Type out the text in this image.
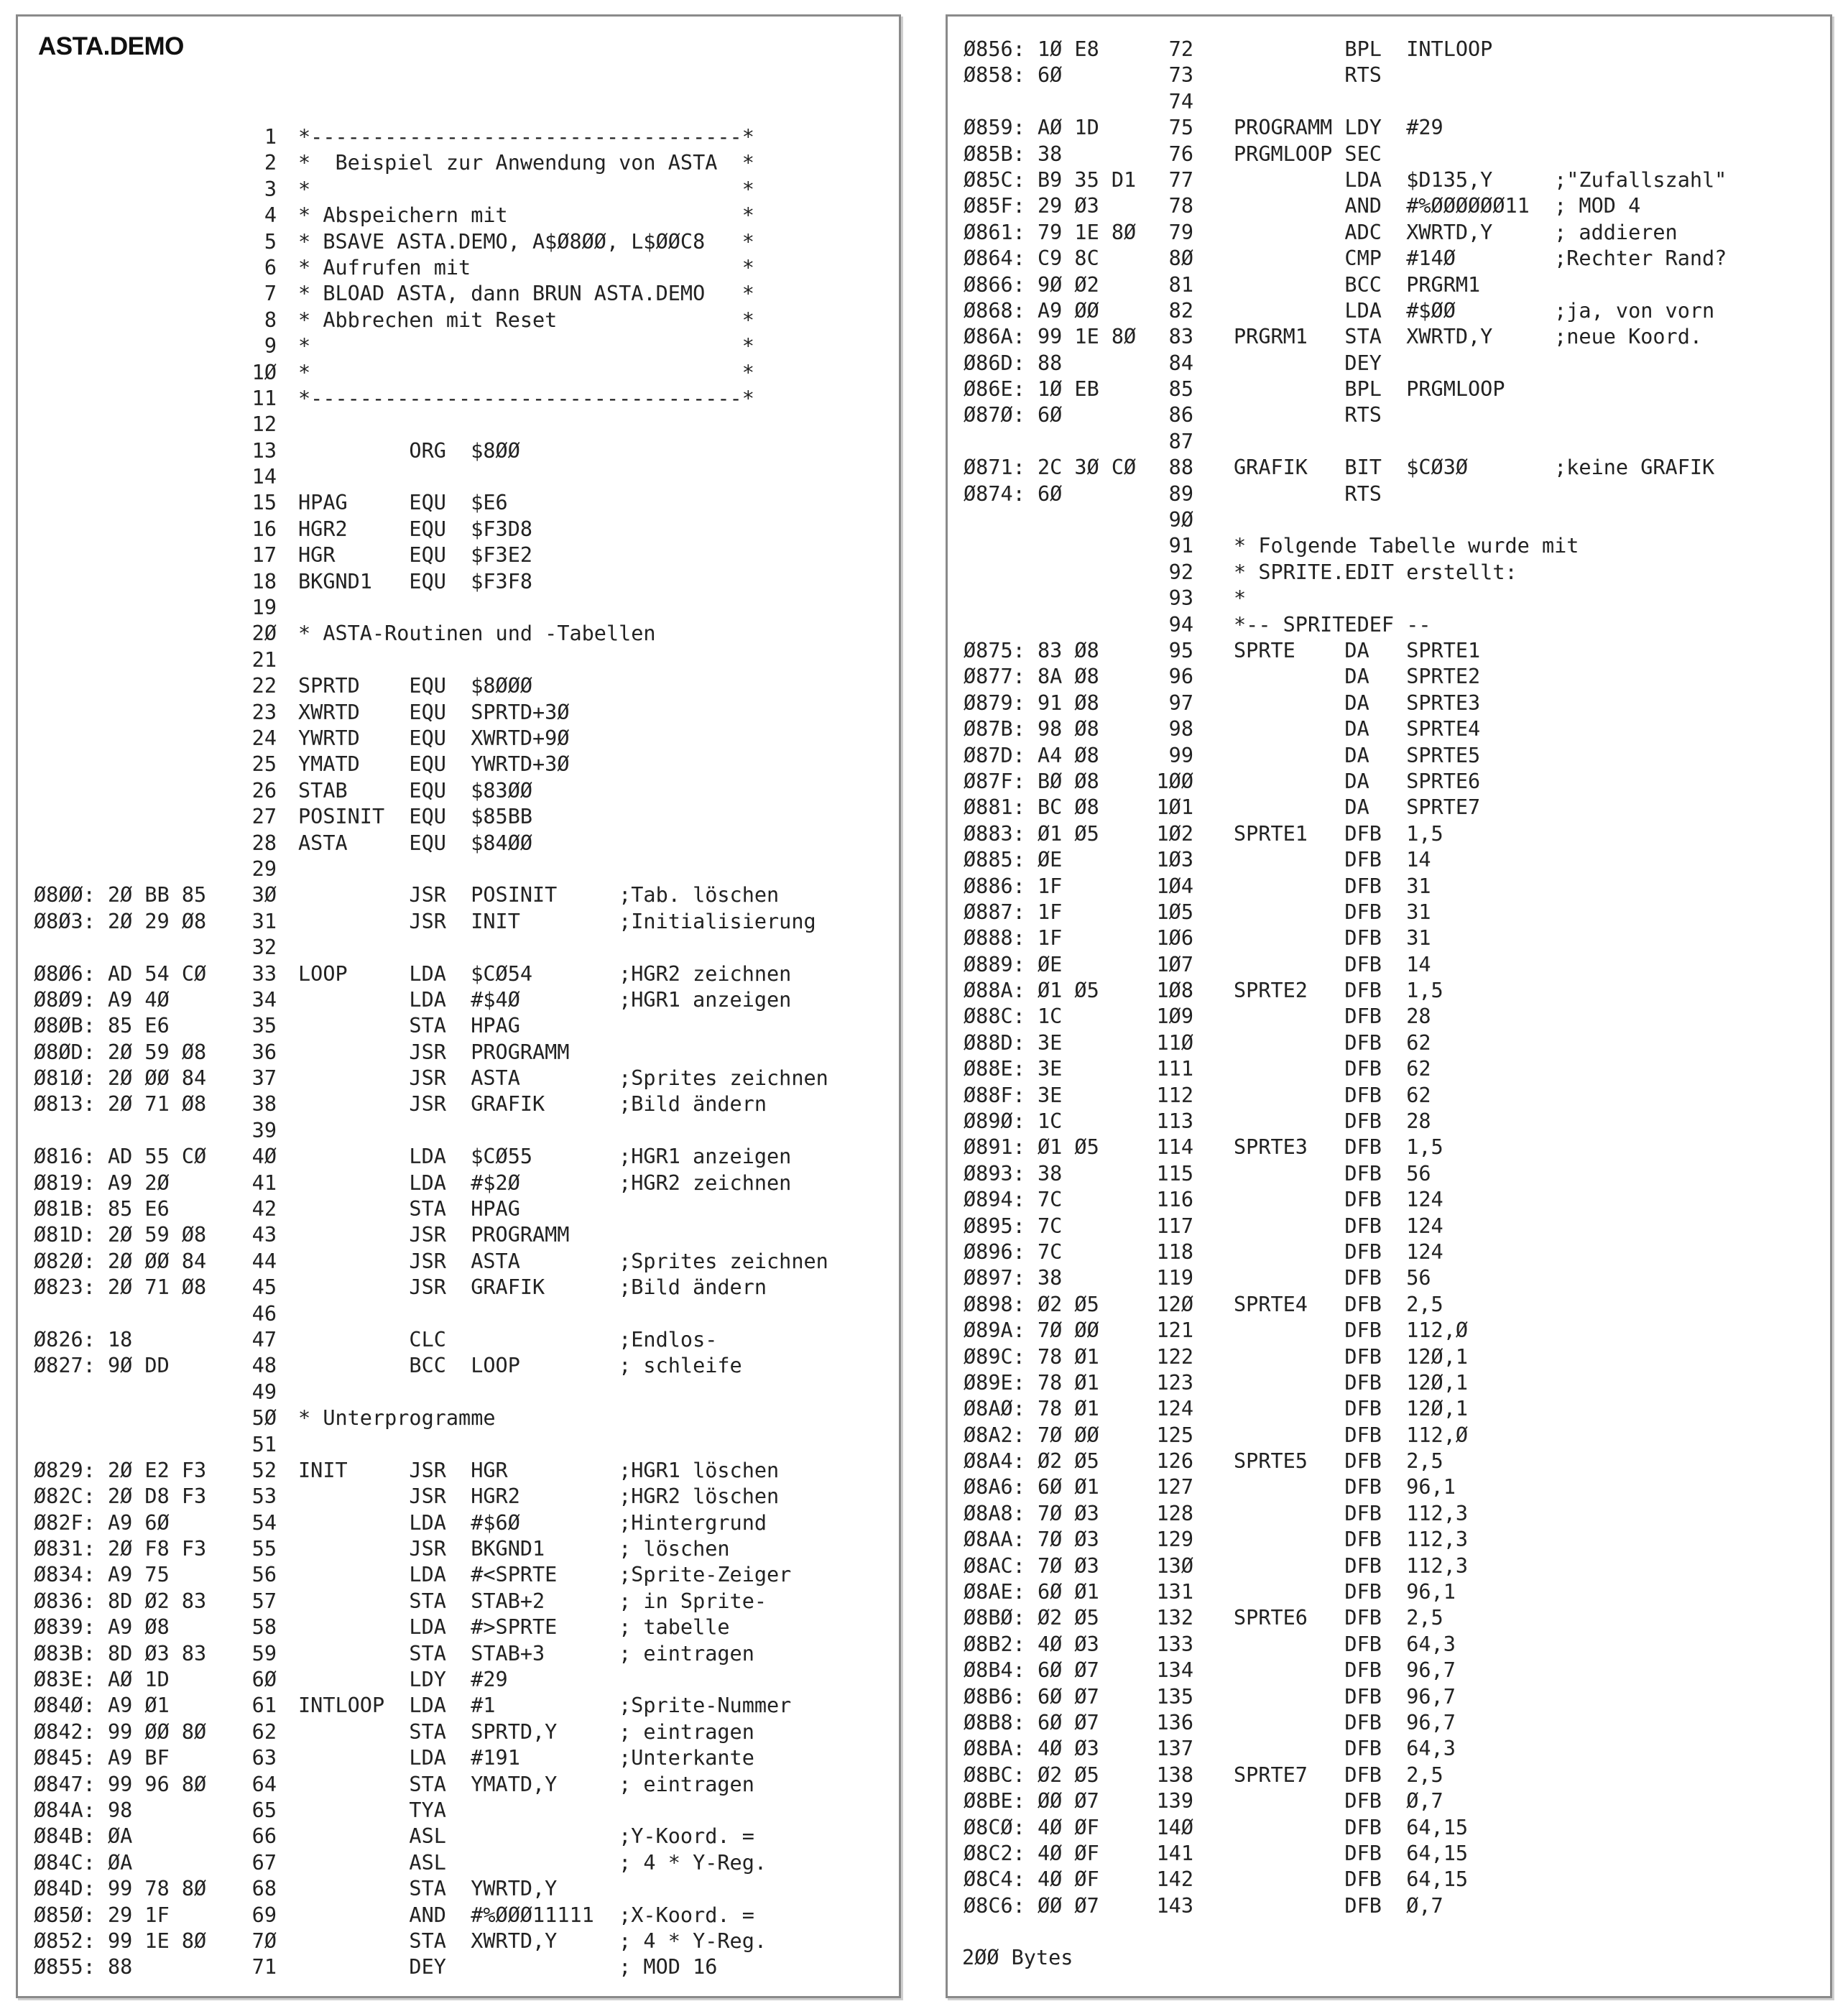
ASTA.DEMO
1 *-----------------------------------*
2 *  Beispiel zur Anwendung von ASTA  *
3 *                                   *
4 * Abspeichern mit                   *
5 * BSAVE ASTA.DEMO, A$Ø8ØØ, L$ØØC8   *
6 * Aufrufen mit                      *
7 * BLOAD ASTA, dann BRUN ASTA.DEMO   *
8 * Abbrechen mit Reset               *
9 *                                   *
1Ø *                                   *
11 *-----------------------------------*
12
13 ORG  $8ØØ
14
15 HPAG     EQU  $E6
16 HGR2     EQU  $F3D8
17 HGR      EQU  $F3E2
18 BKGND1   EQU  $F3F8
19
2Ø * ASTA-Routinen und -Tabellen
21
22 SPRTD    EQU  $8ØØØ
23 XWRTD    EQU  SPRTD+3Ø
24 YWRTD    EQU  XWRTD+9Ø
25 YMATD    EQU  YWRTD+3Ø
26 STAB     EQU  $83ØØ
27 POSINIT  EQU  $85BB
28 ASTA     EQU  $84ØØ
29
Ø8ØØ: 2Ø BB 85	3Ø JSR  POSINIT     ;Tab. löschen
Ø8Ø3: 2Ø 29 Ø8	31 JSR  INIT        ;Initialisierung
32
Ø8Ø6: AD 54 CØ	33 LOOP     LDA  $CØ54       ;HGR2 zeichnen
Ø8Ø9: A9 4Ø	34 LDA  #$4Ø        ;HGR1 anzeigen
Ø8ØB: 85 E6	35 STA  HPAG
Ø8ØD: 2Ø 59 Ø8	36 JSR  PROGRAMM
Ø81Ø: 2Ø ØØ 84	37 JSR  ASTA        ;Sprites zeichnen
Ø813: 2Ø 71 Ø8	38 JSR  GRAFIK      ;Bild ändern
39
Ø816: AD 55 CØ	4Ø LDA  $CØ55       ;HGR1 anzeigen
Ø819: A9 2Ø	41 LDA  #$2Ø        ;HGR2 zeichnen
Ø81B: 85 E6	42 STA  HPAG
Ø81D: 2Ø 59 Ø8	43 JSR  PROGRAMM
Ø82Ø: 2Ø ØØ 84	44 JSR  ASTA        ;Sprites zeichnen
Ø823: 2Ø 71 Ø8	45 JSR  GRAFIK      ;Bild ändern
46
Ø826: 18	47 CLC              ;Endlos-
Ø827: 9Ø DD	48 BCC  LOOP        ; schleife
49
5Ø * Unterprogramme
51
Ø829: 2Ø E2 F3	52 INIT     JSR  HGR         ;HGR1 löschen
Ø82C: 2Ø D8 F3	53 JSR  HGR2        ;HGR2 löschen
Ø82F: A9 6Ø	54 LDA  #$6Ø        ;Hintergrund
Ø831: 2Ø F8 F3	55 JSR  BKGND1      ; löschen
Ø834: A9 75	56 LDA  #<SPRTE     ;Sprite-Zeiger
Ø836: 8D Ø2 83	57 STA  STAB+2      ; in Sprite-
Ø839: A9 Ø8	58 LDA  #>SPRTE     ; tabelle
Ø83B: 8D Ø3 83	59 STA  STAB+3      ; eintragen
Ø83E: AØ 1D	6Ø LDY  #29
Ø84Ø: A9 Ø1	61 INTLOOP  LDA  #1          ;Sprite-Nummer
Ø842: 99 ØØ 8Ø	62 STA  SPRTD,Y     ; eintragen
Ø845: A9 BF	63 LDA  #191        ;Unterkante
Ø847: 99 96 8Ø	64 STA  YMATD,Y     ; eintragen
Ø84A: 98	65 TYA
Ø84B: ØA	66 ASL              ;Y-Koord. =
Ø84C: ØA	67 ASL              ; 4 * Y-Reg.
Ø84D: 99 78 8Ø	68 STA  YWRTD,Y
Ø85Ø: 29 1F	69 AND  #%ØØØ11111  ;X-Koord. =
Ø852: 99 1E 8Ø	7Ø STA  XWRTD,Y     ; 4 * Y-Reg.
Ø855: 88	71 DEY              ; MOD 16
Ø856: 1Ø E8	72 BPL  INTLOOP
Ø858: 6Ø	73 RTS
74
Ø859: AØ 1D	75 PROGRAMM LDY  #29
Ø85B: 38	76 PRGMLOOP SEC
Ø85C: B9 35 D1	77 LDA  $D135,Y     ;"Zufallszahl"
Ø85F: 29 Ø3	78 AND  #%ØØØØØØ11  ; MOD 4
Ø861: 79 1E 8Ø	79 ADC  XWRTD,Y     ; addieren
Ø864: C9 8C	8Ø CMP  #14Ø        ;Rechter Rand?
Ø866: 9Ø Ø2	81 BCC  PRGRM1
Ø868: A9 ØØ	82 LDA  #$ØØ        ;ja, von vorn
Ø86A: 99 1E 8Ø	83 PRGRM1   STA  XWRTD,Y     ;neue Koord.
Ø86D: 88	84 DEY
Ø86E: 1Ø EB	85 BPL  PRGMLOOP
Ø87Ø: 6Ø	86 RTS
87
Ø871: 2C 3Ø CØ	88 GRAFIK   BIT  $CØ3Ø       ;keine GRAFIK
Ø874: 6Ø	89 RTS
9Ø
91 * Folgende Tabelle wurde mit
92 * SPRITE.EDIT erstellt:
93 *
94 *-- SPRITEDEF --
Ø875: 83 Ø8	95 SPRTE    DA   SPRTE1
Ø877: 8A Ø8	96 DA   SPRTE2
Ø879: 91 Ø8	97 DA   SPRTE3
Ø87B: 98 Ø8	98 DA   SPRTE4
Ø87D: A4 Ø8	99 DA   SPRTE5
Ø87F: BØ Ø8	1ØØ DA   SPRTE6
Ø881: BC Ø8	1Ø1 DA   SPRTE7
Ø883: Ø1 Ø5	1Ø2 SPRTE1   DFB  1,5
Ø885: ØE	1Ø3 DFB  14
Ø886: 1F	1Ø4 DFB  31
Ø887: 1F	1Ø5 DFB  31
Ø888: 1F	1Ø6 DFB  31
Ø889: ØE	1Ø7 DFB  14
Ø88A: Ø1 Ø5	1Ø8 SPRTE2   DFB  1,5
Ø88C: 1C	1Ø9 DFB  28
Ø88D: 3E	11Ø DFB  62
Ø88E: 3E	111 DFB  62
Ø88F: 3E	112 DFB  62
Ø89Ø: 1C	113 DFB  28
Ø891: Ø1 Ø5	114 SPRTE3   DFB  1,5
Ø893: 38	115 DFB  56
Ø894: 7C	116 DFB  124
Ø895: 7C	117 DFB  124
Ø896: 7C	118 DFB  124
Ø897: 38	119 DFB  56
Ø898: Ø2 Ø5	12Ø SPRTE4   DFB  2,5
Ø89A: 7Ø ØØ	121 DFB  112,Ø
Ø89C: 78 Ø1	122 DFB  12Ø,1
Ø89E: 78 Ø1	123 DFB  12Ø,1
Ø8AØ: 78 Ø1	124 DFB  12Ø,1
Ø8A2: 7Ø ØØ	125 DFB  112,Ø
Ø8A4: Ø2 Ø5	126 SPRTE5   DFB  2,5
Ø8A6: 6Ø Ø1	127 DFB  96,1
Ø8A8: 7Ø Ø3	128 DFB  112,3
Ø8AA: 7Ø Ø3	129 DFB  112,3
Ø8AC: 7Ø Ø3	13Ø DFB  112,3
Ø8AE: 6Ø Ø1	131 DFB  96,1
Ø8BØ: Ø2 Ø5	132 SPRTE6   DFB  2,5
Ø8B2: 4Ø Ø3	133 DFB  64,3
Ø8B4: 6Ø Ø7	134 DFB  96,7
Ø8B6: 6Ø Ø7	135 DFB  96,7
Ø8B8: 6Ø Ø7	136 DFB  96,7
Ø8BA: 4Ø Ø3	137 DFB  64,3
Ø8BC: Ø2 Ø5	138 SPRTE7   DFB  2,5
Ø8BE: ØØ Ø7	139 DFB  Ø,7
Ø8CØ: 4Ø ØF	14Ø DFB  64,15
Ø8C2: 4Ø ØF	141 DFB  64,15
Ø8C4: 4Ø ØF	142 DFB  64,15
Ø8C6: ØØ Ø7	143 DFB  Ø,7
2ØØ Bytes
